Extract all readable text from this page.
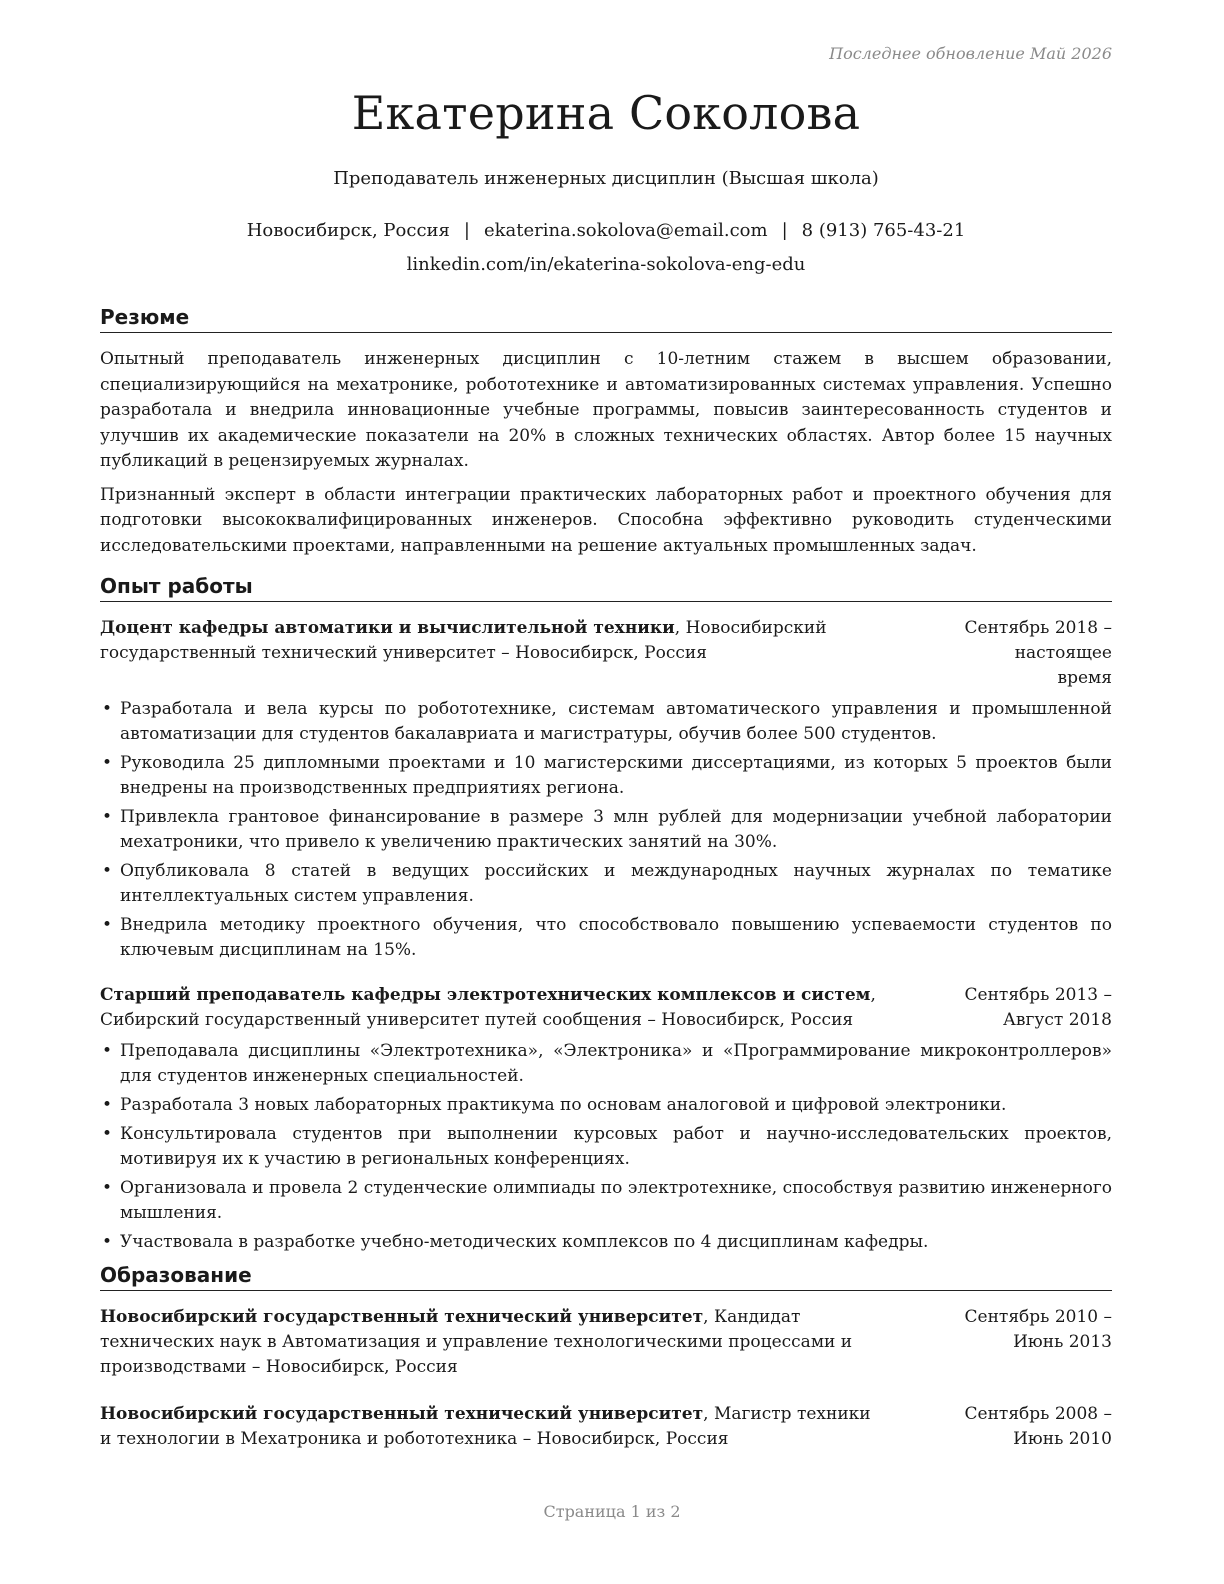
Последнее обновление Май 2026
Екатерина Соколова
Преподаватель инженерных дисциплин (Высшая школа)
Новосибирск, Россия | ekaterina.sokolova@email.com | 8 (913) 765-43-21
linkedin.com/in/ekaterina-sokolova-eng-edu
Резюме

Опытный преподаватель инженерных дисциплин с 10-летним стажем в высшем образовании, специализирующийся на мехатронике, робототехнике и автоматизированных системах управления. Успешно разработала и внедрила инновационные учебные программы, повысив заинтересованность студентов и улучшив их академические показатели на 20% в сложных технических областях. Автор более 15 научных публикаций в рецензируемых журналах.

Признанный эксперт в области интеграции практических лабораторных работ и проектного обучения для подготовки высококвалифицированных инженеров. Способна эффективно руководить студенческими исследовательскими проектами, направленными на решение актуальных промышленных задач.

Опыт работы
Доцент кафедры автоматики и вычислительной техники, Новосибирский государственный технический университет – Новосибирск, Россия
Сентябрь 2018 – настоящее время
• Разработала и вела курсы по робототехнике, системам автоматического управления и промышленной автоматизации для студентов бакалавриата и магистратуры, обучив более 500 студентов.
• Руководила 25 дипломными проектами и 10 магистерскими диссертациями, из которых 5 проектов были внедрены на производственных предприятиях региона.
• Привлекла грантовое финансирование в размере 3 млн рублей для модернизации учебной лаборатории мехатроники, что привело к увеличению практических занятий на 30%.
• Опубликовала 8 статей в ведущих российских и международных научных журналах по тематике интеллектуальных систем управления.
• Внедрила методику проектного обучения, что способствовало повышению успеваемости студентов по ключевым дисциплинам на 15%.
Старший преподаватель кафедры электротехнических комплексов и систем, Сибирский государственный университет путей сообщения – Новосибирск, Россия
Сентябрь 2013 – Август 2018
• Преподавала дисциплины «Электротехника», «Электроника» и «Программирование микроконтроллеров» для студентов инженерных специальностей.
• Разработала 3 новых лабораторных практикума по основам аналоговой и цифровой электроники.
• Консультировала студентов при выполнении курсовых работ и научно-исследовательских проектов, мотивируя их к участию в региональных конференциях.
• Организовала и провела 2 студенческие олимпиады по электротехнике, способствуя развитию инженерного мышления.
• Участвовала в разработке учебно-методических комплексов по 4 дисциплинам кафедры.
Образование
Новосибирский государственный технический университет, Кандидат технических наук в Автоматизация и управление технологическими процессами и производствами – Новосибирск, Россия
Сентябрь 2010 – Июнь 2013
Новосибирский государственный технический университет, Магистр техники и технологии в Мехатроника и робототехника – Новосибирск, Россия
Сентябрь 2008 – Июнь 2010
Страница 1 из 2
